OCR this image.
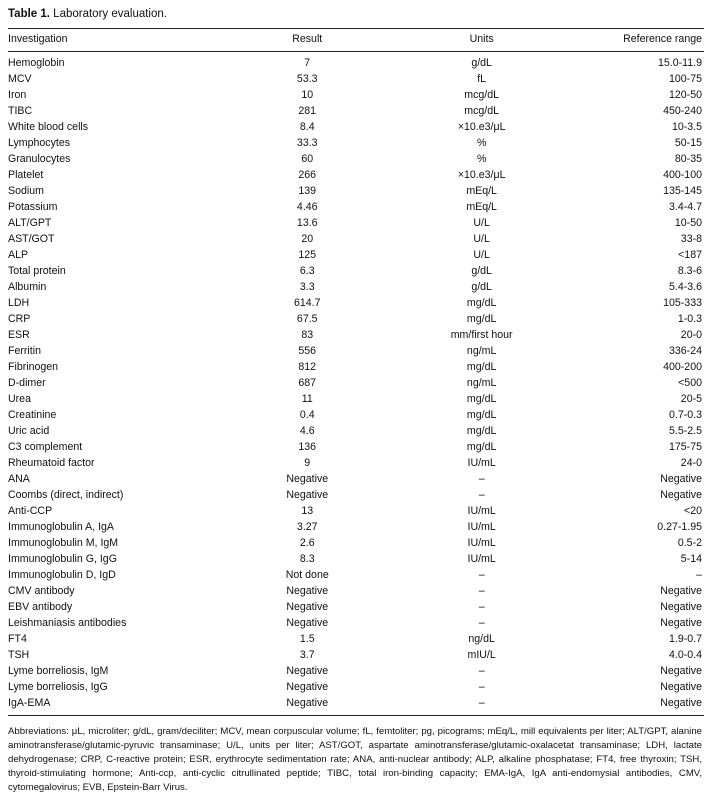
Table 1. Laboratory evaluation.
Investigation	Result	Units	Reference range
Hemoglobin	7	g/dL	15.0-11.9
MCV	53.3	fL	100-75
Iron	10	mcg/dL	120-50
TIBC	281	mcg/dL	450-240
White blood cells	8.4	×10.e3/μL	10-3.5
Lymphocytes	33.3	%	50-15
Granulocytes	60	%	80-35
Platelet	266	×10.e3/μL	400-100
Sodium	139	mEq/L	135-145
Potassium	4.46	mEq/L	3.4-4.7
ALT/GPT	13.6	U/L	10-50
AST/GOT	20	U/L	33-8
ALP	125	U/L	<187
Total protein	6.3	g/dL	8.3-6
Albumin	3.3	g/dL	5.4-3.6
LDH	614.7	mg/dL	105-333
CRP	67.5	mg/dL	1-0.3
ESR	83	mm/first hour	20-0
Ferritin	556	ng/mL	336-24
Fibrinogen	812	mg/dL	400-200
D-dimer	687	ng/mL	<500
Urea	11	mg/dL	20-5
Creatinine	0.4	mg/dL	0.7-0.3
Uric acid	4.6	mg/dL	5.5-2.5
C3 complement	136	mg/dL	175-75
Rheumatoid factor	9	IU/mL	24-0
ANA	Negative	–	Negative
Coombs (direct, indirect)	Negative	–	Negative
Anti-CCP	13	IU/mL	<20
Immunoglobulin A, IgA	3.27	IU/mL	0.27-1.95
Immunoglobulin M, IgM	2.6	IU/mL	0.5-2
Immunoglobulin G, IgG	8.3	IU/mL	5-14
Immunoglobulin D, IgD	Not done	–	–
CMV antibody	Negative	–	Negative
EBV antibody	Negative	–	Negative
Leishmaniasis antibodies	Negative	–	Negative
FT4	1.5	ng/dL	1.9-0.7
TSH	3.7	mIU/L	4.0-0.4
Lyme borreliosis, IgM	Negative	–	Negative
Lyme borreliosis, IgG	Negative	–	Negative
IgA-EMA	Negative	–	Negative
Abbreviations: μL, microliter; g/dL, gram/deciliter; MCV, mean corpuscular volume; fL, femtoliter; pg, picograms; mEq/L, mill equivalents per liter; ALT/GPT, alanine aminotransferase/glutamic-pyruvic transaminase; U/L, units per liter; AST/GOT, aspartate aminotransferase/glutamic-oxalacetat transaminase; LDH, lactate dehydrogenase; CRP, C-reactive protein; ESR, erythrocyte sedimentation rate; ANA, anti-nuclear antibody; ALP, alkaline phosphatase; FT4, free thyroxin; TSH, thyroid-stimulating hormone; Anti-ccp, anti-cyclic citrullinated peptide; TIBC, total iron-binding capacity; EMA-IgA, IgA anti-endomysial antibodies, CMV, cytomegalovirus; EVB, Epstein-Barr Virus.
